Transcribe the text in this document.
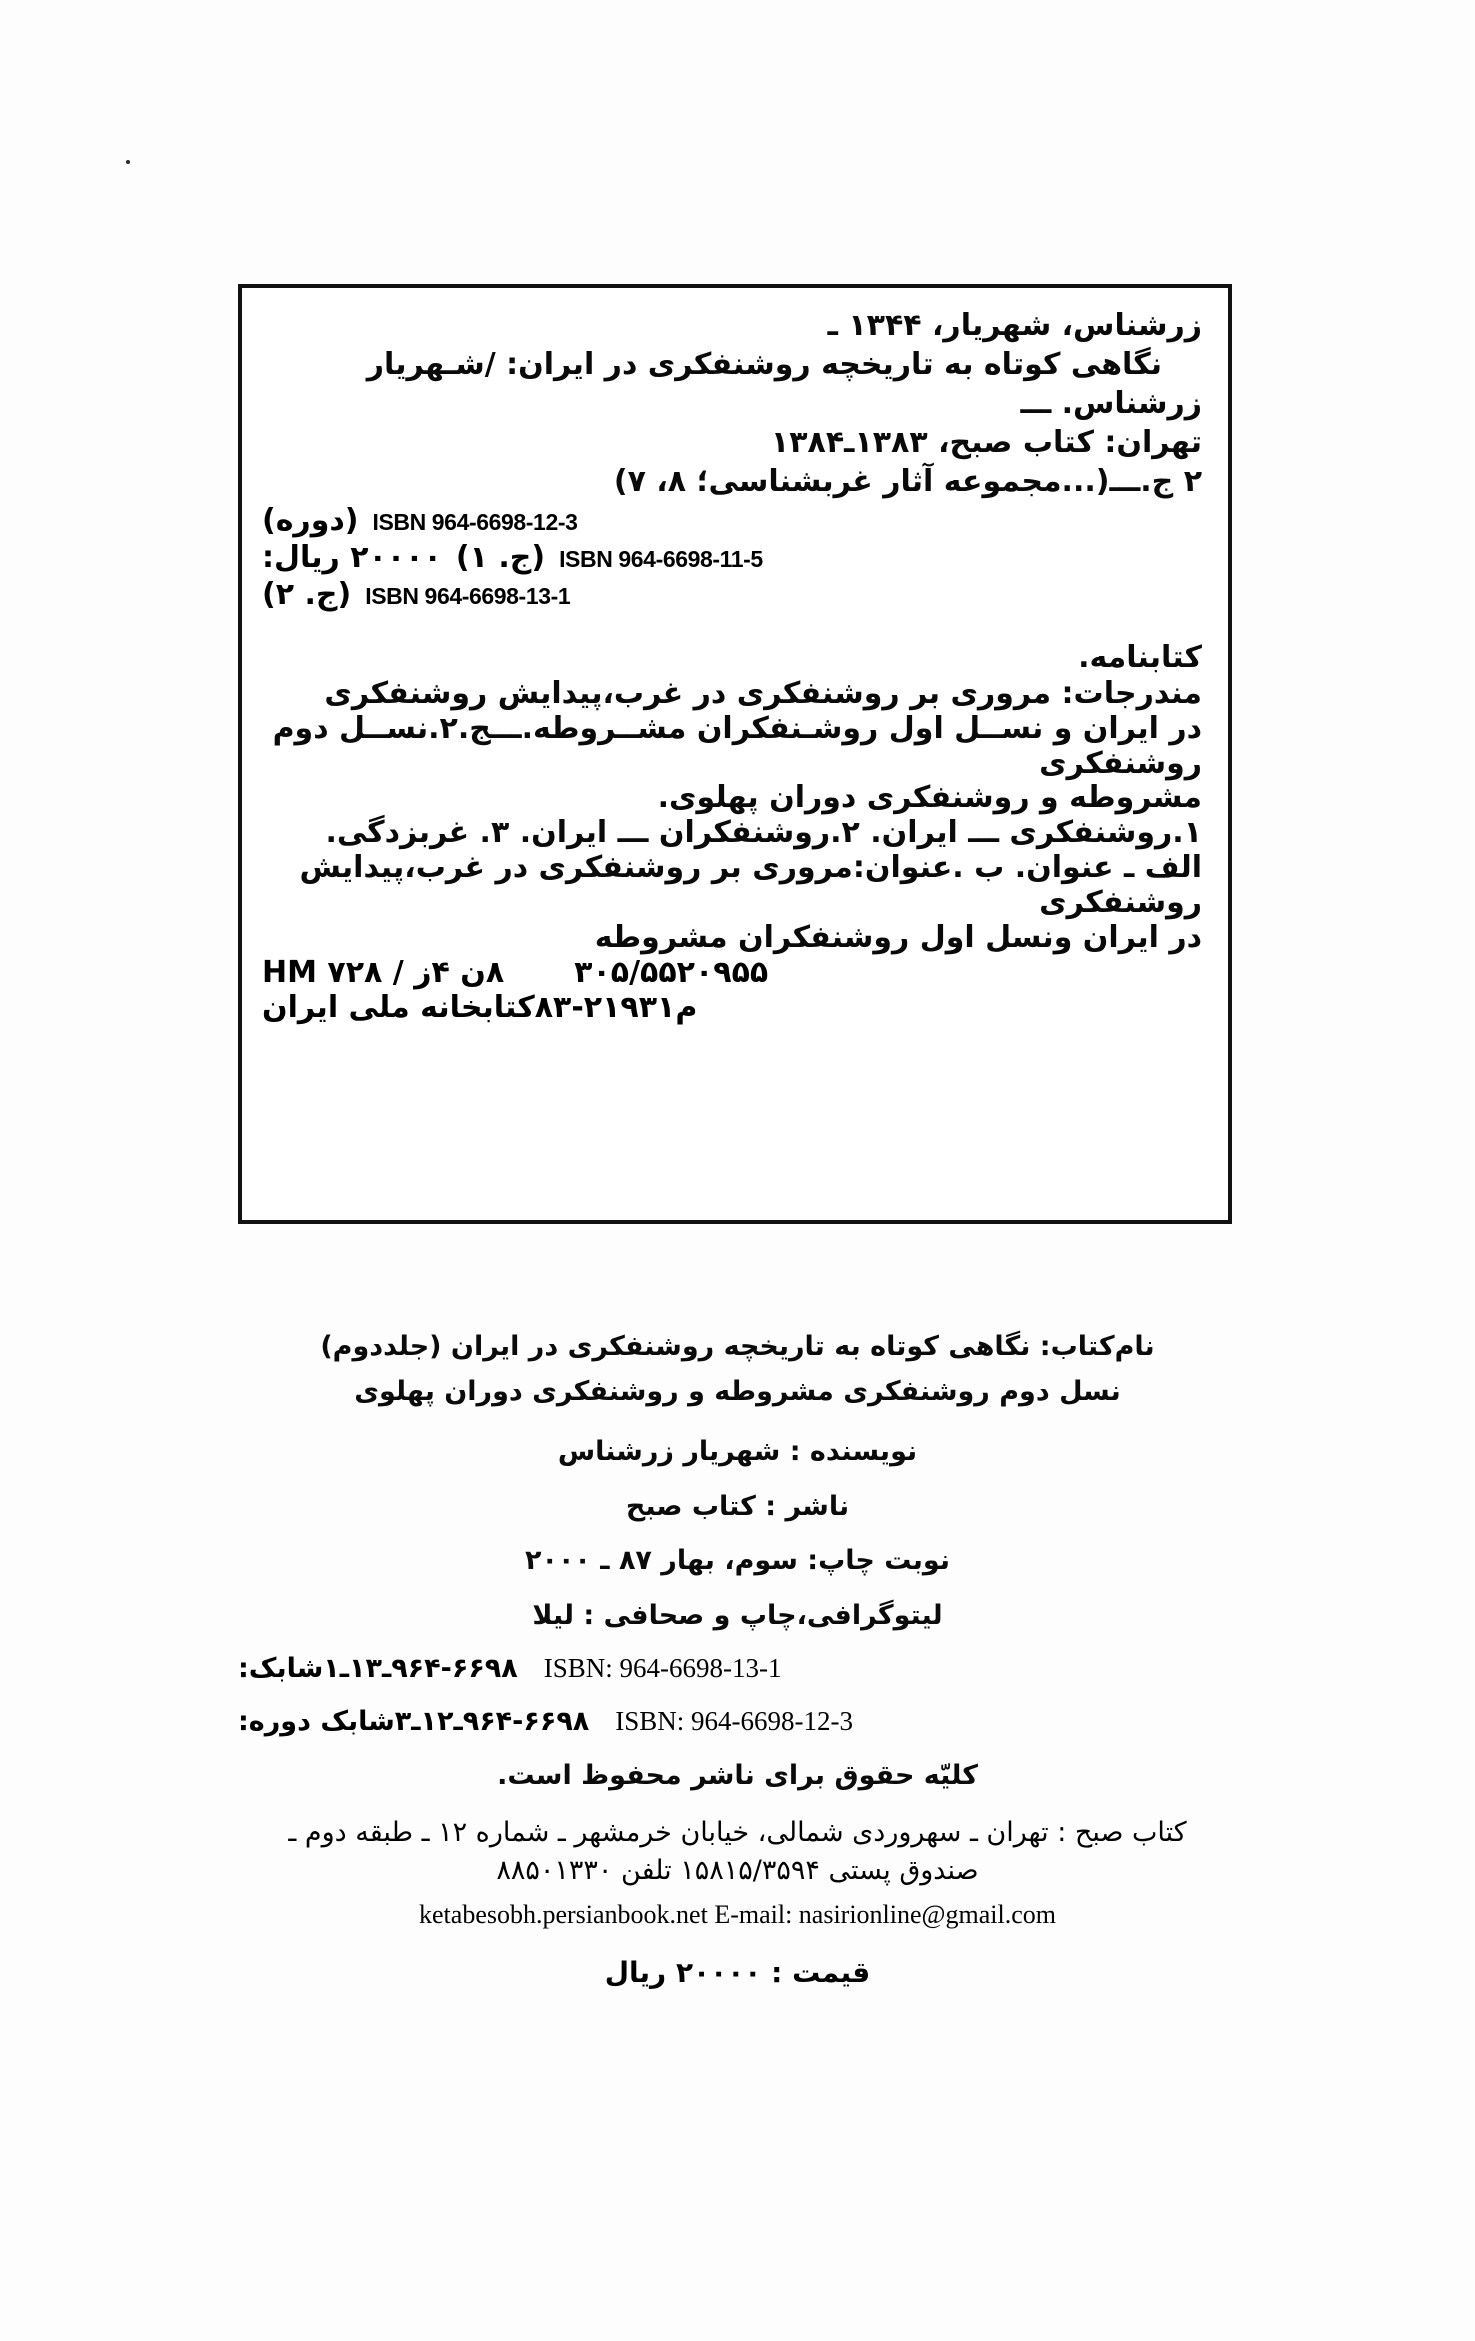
زرشناس، شهریار، ۱۳۴۴ ـ
نگاهی کوتاه به تاریخچه روشنفکری در ایران: /شـهریار
زرشناس. ـــ
تهران: کتاب صبح، ۱۳۸۳ـ۱۳۸۴
۲ ج.ـــ(...مجموعه آثار غربشناسی؛ ۸، ۷)
(دوره) ISBN 964-6698-12-3
۲۰۰۰۰ ریال: (ج. ۱) ISBN 964-6698-11-5
(ج. ۲) ISBN 964-6698-13-1
کتابنامه.
مندرجات: مروری بر روشنفکری در غرب،پیدایش روشنفکری
در ایران و نســل اول روشـنفکران مشــروطه.ـــج.۲.نســل دوم
روشنفکری
مشروطه و روشنفکری دوران پهلوی.
۱.روشنفکری ـــ ایران. ۲.روشنفکران ـــ ایران. ۳. غربزدگی.
الف ـ عنوان. ب .عنوان:مروری بر روشنفکری در غرب،پیدایش
روشنفکری
در ایران ونسل اول روشنفکران مشروطه
۸ن ۴ز / HM ۷۲۸ ۳۰۵/۵۵۲۰۹۵۵
کتابخانه ملی ایران ۸۳-۲۱۹۳۱م

نام‌کتاب: نگاهی کوتاه به تاریخچه روشنفکری در ایران (جلددوم)

نسل دوم روشنفکری مشروطه و روشنفکری دوران پهلوی

نویسنده : شهریار زرشناس

ناشر : کتاب صبح

نوبت چاپ: سوم، بهار ۸۷ ـ ۲۰۰۰

لیتوگرافی،چاپ و صحافی : لیلا

شابک: ۹۶۴-۶۶۹۸ـ۱۳ـ۱ ISBN: 964-6698-13-1
شابک دوره: ۹۶۴-۶۶۹۸ـ۱۲ـ۳ ISBN: 964-6698-12-3

کلیّه حقوق برای ناشر محفوظ است.

کتاب صبح : تهران ـ سهروردی شمالی، خیابان خرمشهر ـ شماره ۱۲ ـ طبقه دوم ـ

صندوق پستی ۱۵۸۱۵/۳۵۹۴ تلفن ۸۸۵۰۱۳۳۰

ketabesobh.persianbook.net E-mail: nasirionline@gmail.com

قیمت : ۲۰۰۰۰ ریال
